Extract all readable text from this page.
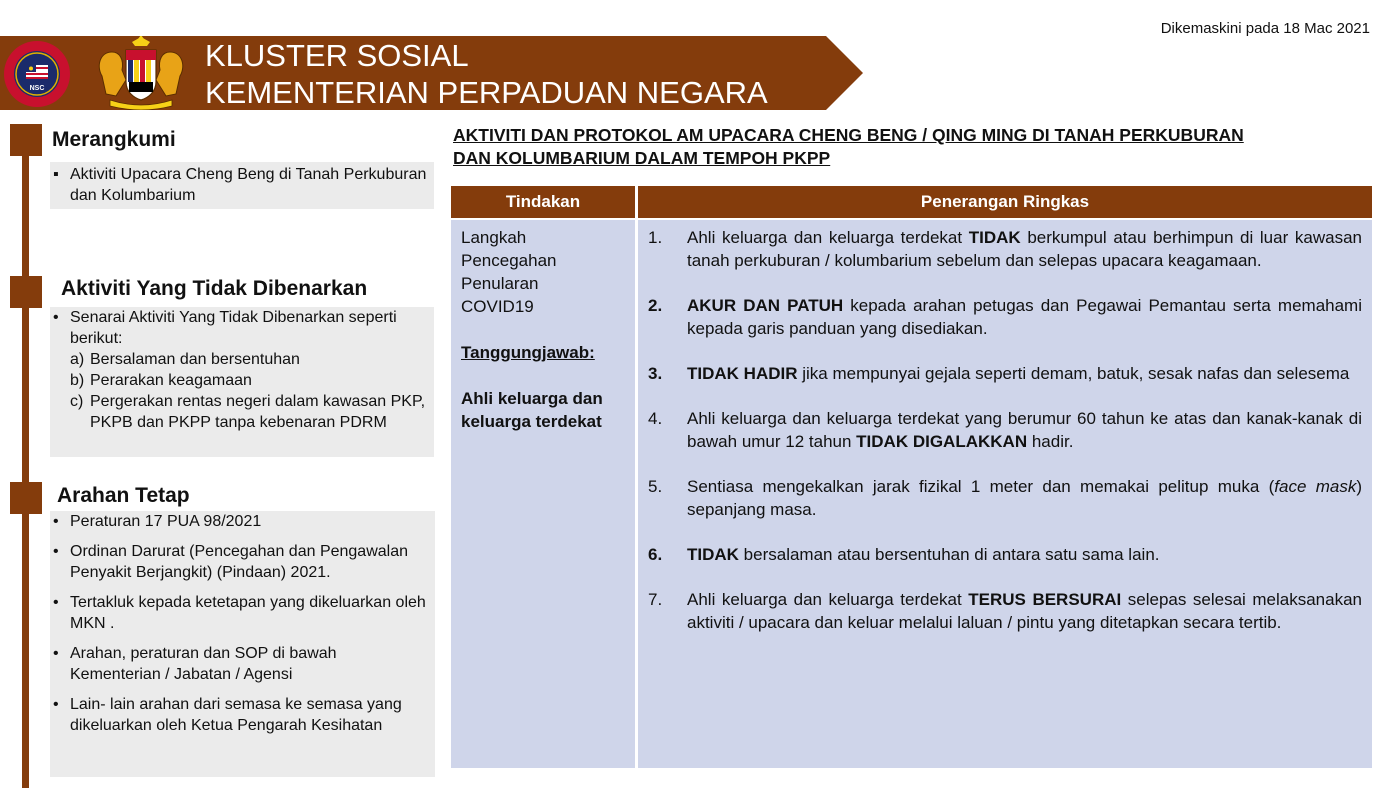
Dikemaskini pada 18 Mac 2021
NSC
KLUSTER SOSIAL
KEMENTERIAN PERPADUAN NEGARA
Merangkumi
▪ Aktiviti Upacara Cheng Beng di Tanah Perkuburan dan Kolumbarium
Aktiviti Yang Tidak Dibenarkan
• Senarai Aktiviti Yang Tidak Dibenarkan seperti berikut:
a) Bersalaman dan bersentuhan
b) Perarakan keagamaan
c) Pergerakan rentas negeri dalam kawasan PKP, PKPB dan PKPP tanpa kebenaran PDRM
Arahan Tetap
• Peraturan 17 PUA 98/2021
• Ordinan Darurat (Pencegahan dan Pengawalan Penyakit Berjangkit) (Pindaan) 2021.
• Tertakluk kepada ketetapan yang dikeluarkan oleh MKN .
• Arahan, peraturan dan SOP di bawah Kementerian / Jabatan / Agensi
• Lain- lain arahan dari semasa ke semasa yang dikeluarkan oleh Ketua Pengarah Kesihatan
AKTIVITI DAN PROTOKOL AM UPACARA CHENG BENG / QING MING DI TANAH PERKUBURAN
DAN KOLUMBARIUM DALAM TEMPOH PKPP
Tindakan	Penerangan Ringkas
Langkah
Pencegahan
Penularan
COVID19
Tanggungjawab:
Ahli keluarga dan keluarga terdekat
1.	Ahli keluarga dan keluarga terdekat TIDAK berkumpul atau berhimpun di luar kawasan tanah perkuburan / kolumbarium sebelum dan selepas upacara keagamaan.
2.	AKUR DAN PATUH kepada arahan petugas dan Pegawai Pemantau serta memahami kepada garis panduan yang disediakan.
3.	TIDAK HADIR jika mempunyai gejala seperti demam, batuk, sesak nafas dan selesema
4.	Ahli keluarga dan keluarga terdekat yang berumur 60 tahun ke atas dan kanak-kanak di bawah umur 12 tahun TIDAK DIGALAKKAN hadir.
5.	Sentiasa mengekalkan jarak fizikal 1 meter dan memakai pelitup muka (face mask) sepanjang masa.
6.	TIDAK bersalaman atau bersentuhan di antara satu sama lain.
7.	Ahli keluarga dan keluarga terdekat TERUS BERSURAI selepas selesai melaksanakan aktiviti / upacara dan keluar melalui laluan / pintu yang ditetapkan secara tertib.
